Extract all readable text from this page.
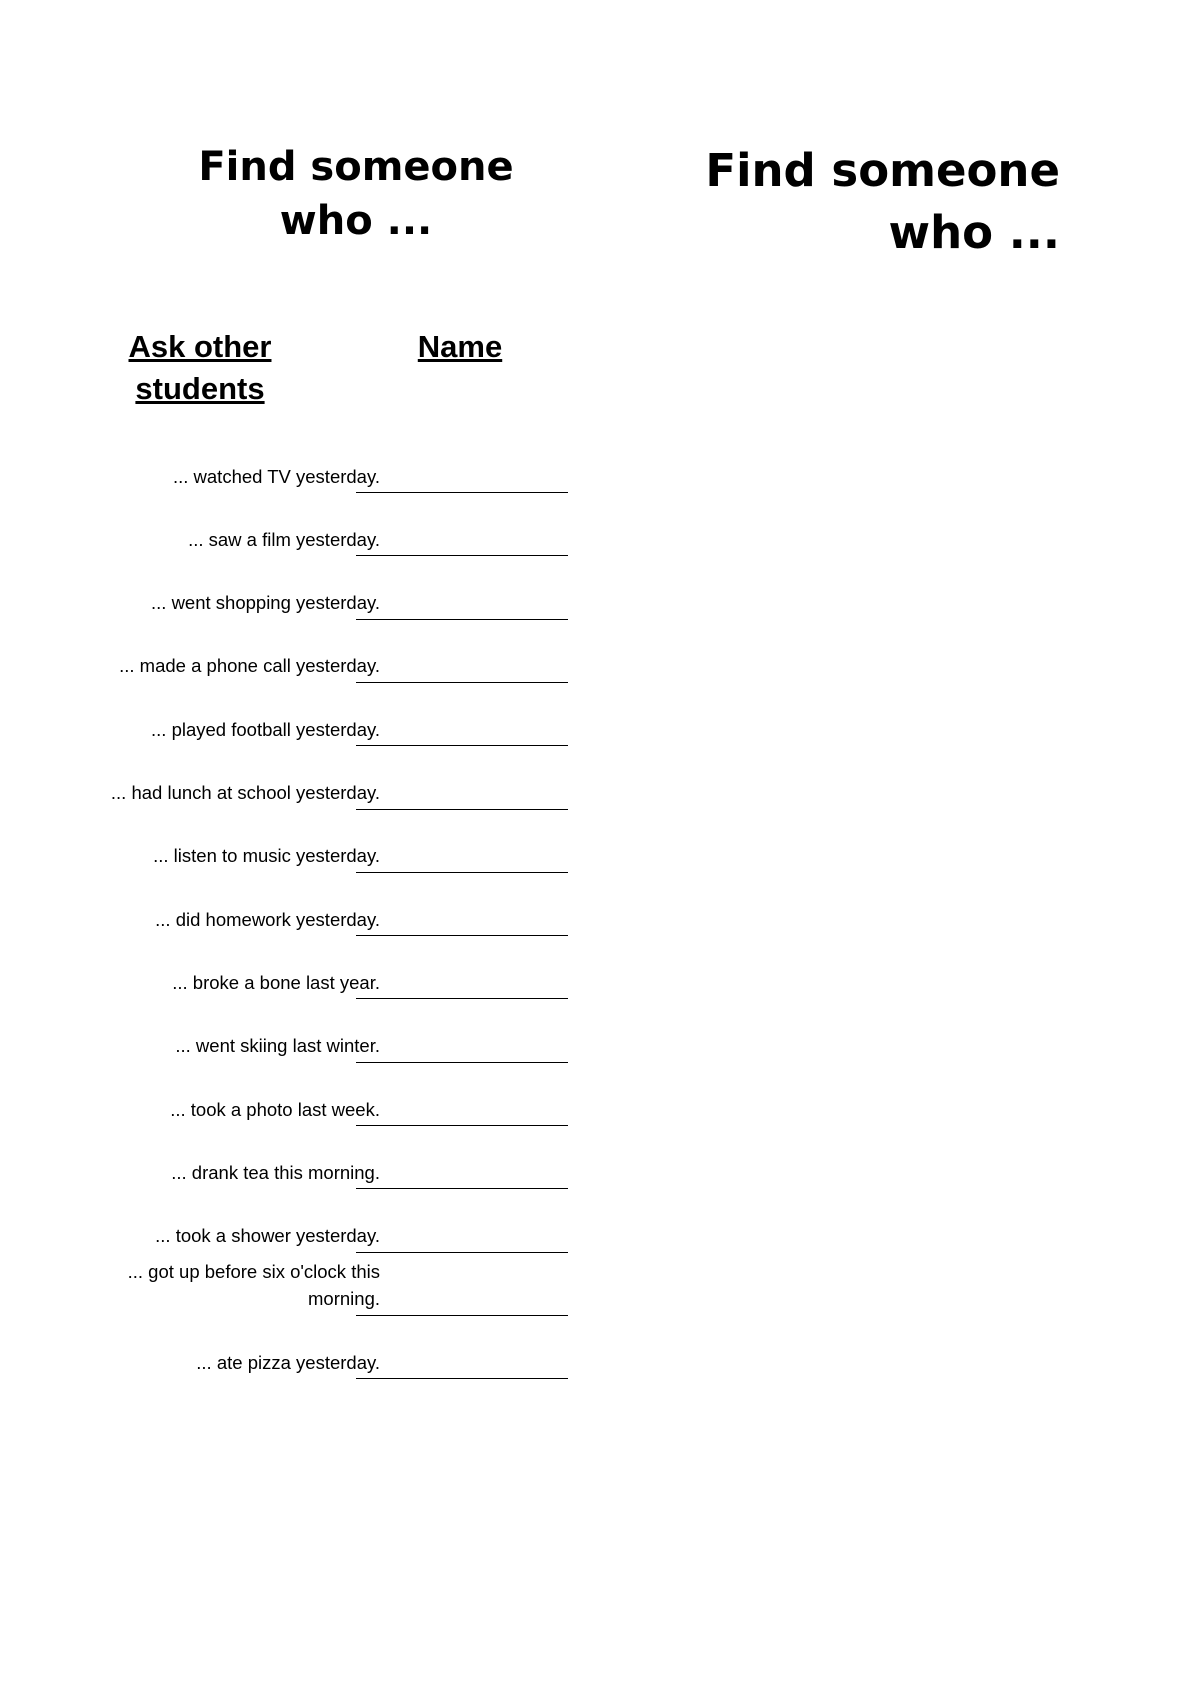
Find someone who ...
Find someone who ...
Ask other students
Name
... watched TV yesterday.
... saw a film yesterday.
... went shopping yesterday.
... made a phone call yesterday.
... played football yesterday.
... had lunch at school yesterday.
... listen to music yesterday.
... did homework yesterday.
... broke a bone last year.
... went skiing last winter.
... took a photo last week.
... drank tea this morning.
... took a shower yesterday.
... got up before six o'clock this morning.
... ate pizza yesterday.
